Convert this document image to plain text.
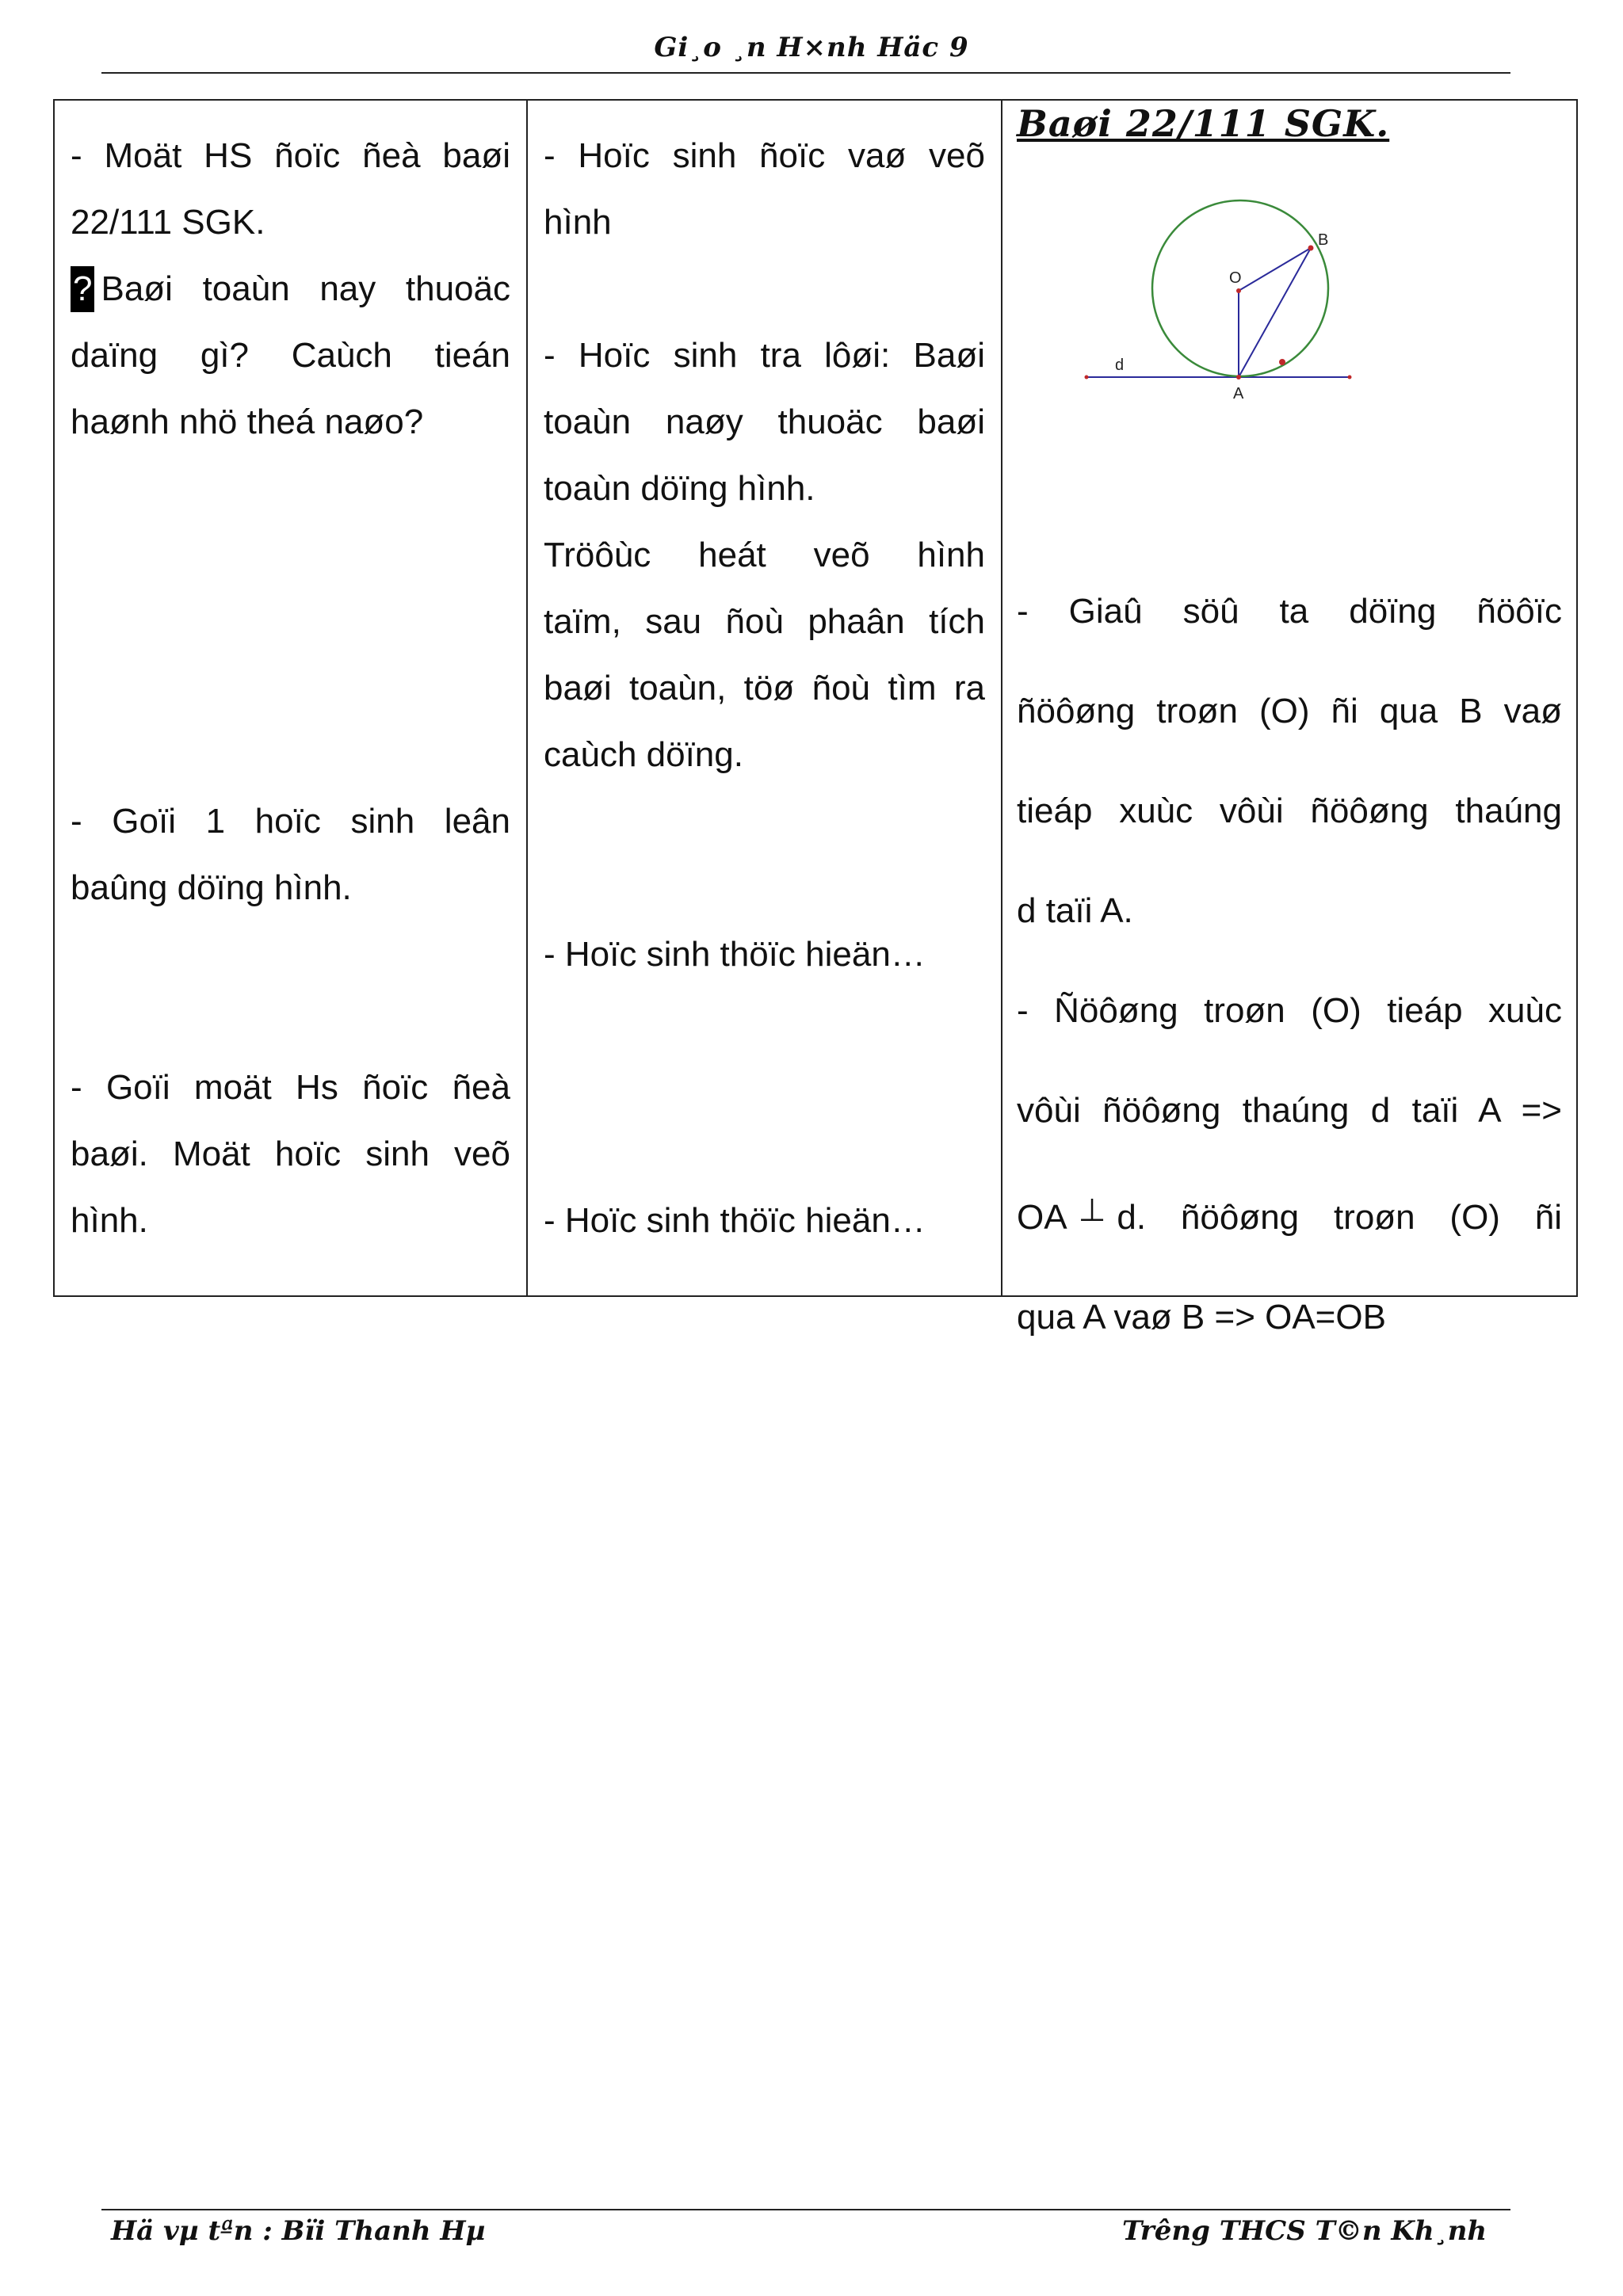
Gi¸o ¸n H×nh Häc 9

- Moät HS ñoïc ñeà baøi

22/111 SGK.

? Baøi toaùn nay thuoäc

daïng gì? Caùch tieán

haønh nhö theá naøo?

- Goïi 1 hoïc sinh leân

baûng döïng hình.

- Goïi moät Hs ñoïc ñeà

baøi. Moät hoïc sinh veõ

hình.

- Hoïc sinh ñoïc vaø veõ

hình

- Hoïc sinh tra lôøi: Baøi

toaùn naøy thuoäc baøi

toaùn döïng hình.

Tröôùc heát veõ hình

taïm, sau ñoù phaân tích

baøi toaùn, töø ñoù tìm ra

caùch döïng.

- Hoïc sinh thöïc hieän…

- Hoïc sinh thöïc hieän…

Baøi 22/111 SGK.

O
B
A
d

- Giaû söû ta döïng ñöôïc

ñöôøng troøn (O) ñi qua B vaø

tieáp xuùc vôùi ñöôøng thaúng

d taïi A.

- Ñöôøng troøn (O) tieáp xuùc

vôùi ñöôøng thaúng d taïi A =>

OA ⊥ d. ñöôøng troøn (O) ñi

qua A vaø B => OA=OB

Hä vµ tªn : Bïi Thanh Hµ	Trêng THCS T©n Kh¸nh
